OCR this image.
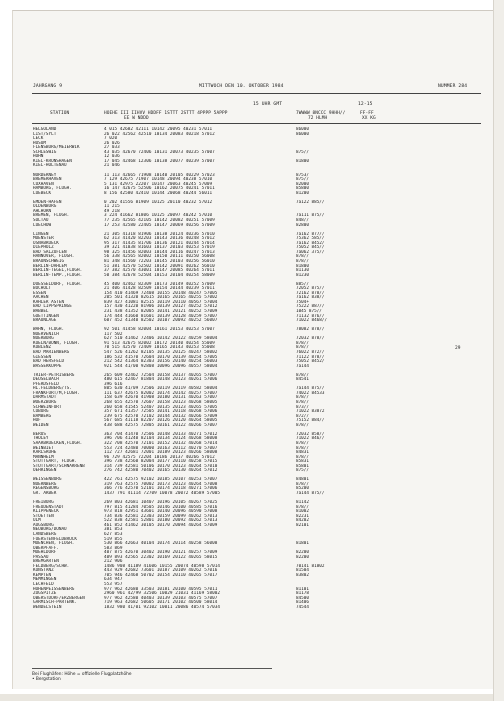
JAHRGANG 9	MITTWOCH DEN 10. OKTOBER 1984	NUMMER 284
15 UHR GMT	12-15
STATION	HOEHE III IIHVV HDDFF 1STTT 2STTT 4PPPP 5APPP
EE W NDDD
7WWWW 8NCCC 9HHH//
72 HLMH
FF-FF
XX KG
HELGOLAND	4 015 42682 42111 10142 20095 40231 57011	86000
LIST/SYLT	26 022 42562 42510 10134 20083 40218 57012	86000
LECK	7 020
HUSUM	26 026
FLENSBURG/MEIERWIK	27 033
SCHLESWIG	43 035 42670 72406 10131 20073 40235 57007	875//
HOHN	12 036
KIEL-KRONSHAGEN	17 045 42468 12306 10138 20077 40239 57007	81800
KIEL-HOLTENAU	21 046
NORDERNEY	11 113 42665 71908 10140 20105 40229 57023	8753/
BREMERHAVEN	7 129 42675 71907 10148 20094 40238 57010	875//
CUXHAVEN	5 131 42975 22207 10147 20063 40245 57009	82000
HAMBURG, FLUGH.	16 147 42675 52506 10162 20075 40241 57011	85800
LUEBECK	8 156 42580 42410 10144 20068 40244 56011	81200
EMDEN-HAFEN	0 202 41556 81909 10125 20110 40232 57012	7a122 885//
OLDENBURG	11 215
AHLHORN	49 218
BREMEN, FLUGH.	3 224 41662 81806 10125 20097 40242 57010	7a111 875//
SOLTAU	77 235 42565 42105 10142 20082 40251 57009	848//
LUECHOW	17 253 42580 22405 10147 20069 40256 57009	82800
LINGEN	21 305 41318 81906 10138 20124 40236 57010	7a162 877//
MUENSTER	62 313 41420 82203 10143 20136 40248 57012	75362 585//
OSNABRUECK	95 317 41435 81706 10136 20121 40244 57014	7a162 8452/
DIEPHOLZ	39 321 41038 81603 10137 20103 40253 57019	75052 845//
BAD SALZUFLEN	98 325 41456 82003 10144 20116 40247 57013	7a062 375//
HANNOVER, FLUGH.	56 338 42565 82002 10150 20111 40250 56008	878//
BRAUNSCHWEIG	81 348 41560 72203 10145 20103 40256 56010	878//
BERLIN-DAHLEM	51 381 42570 52502 10142 20091 40262 56010	81800
BERLIN-TEGEL,FLUGH.	37 382 42570 43001 10147 20085 40264 57011	81130
BERLIN-TEMP.,FLUGH.	50 384 42678 52504 10153 20104 40254 58009	81230
DUESSELDORF, FLUGH.	45 400 42462 82309 10173 20149 40252 57009	885//
BOCHOLT	21 406 41428 82509 10154 20144 40239 57011	72052 875//
ESSEN	154 410 41469 72408 10155 20148 40247 57005	72162 878//
AACHEN	205 501 41320 82615 10165 20165 40255 57002	7a162 838//
KAHLER ASTEN	839 427 41081 82515 10119 20110 40567 57004	7504+
BAD LIPPSPRINGE	157 430 41220 81906 10139 20127 40252 57012	75222 887//
WABBEL	231 438 41352 82005 10141 20121 40252 57009	1045 875//
GOETTINGEN	174 444 41660 81601 10139 20128 40259 57007	71132 876//
BRAUNLAGE	607 452 41340 82502 10107 20092 40252 56007	71022 8468//
WAHN, FLUGH.	92 501 41458 82004 10161 20153 40253 57007	78082 878//
NOERVENICH	117 502
NUERBURG	627 510 41462 72406 10142 20122 40259 58004	72032 878//
KOELN/BONN, FLUGH.	91 513 42675 82002 10172 20140 40254 55009	878//
KOBLENZ	70 515 42570 72409 10165 20143 40253 55008	878//
BAD MARIENBERG	547 526 41262 82105 10135 20125 40247 58002	76022 872//
GIESSEN	186 532 41570 72604 10170 20139 40254 57005	71122 878//
BAD HERSFELD	212 542 41364 82303 10156 20140 40254 56003	75052 8452/
WASSERKUPPE	921 544 41/00 92808 10096 20096 40557 58004	7a144
TRIER-PETRISBERG	265 609 42462 72504 10158 20137 40265 57007	878//
DEUSELBACH	480 615 42467 81804 10148 20123 40261 57006	84541
PFERDSFELD	396 616
HL.FELDBERG/TS.	805 630 41/09 72506 10119 20119 40582 58004	7a144 875//
FRANKFURT/M,FLUGH.	111 637 42675 82002 10174 20142 40257 57007	74022 84533
DARMSTADT	158 639 42670 41908 10180 20131 40263 57007	878//
WUERZBURG	268 655 42570 72607 10158 20123 40268 58005	878//
SCHWEINFURT	260 658 41545 52407 10135 20123 40265 57005	873//
COBURG	357 671 41357 72505 10141 20118 40268 57006	71022 83872
BAMBERG	239 675 42570 72102 10144 20132 40266 57009	872//
HOF	567 685 41118 82207 10126 20120 40264 58005	75152 884//
WEIDEN	438 688 42575 72805 10161 20122 40266 57007	878//
BERUS	363 704 41470 72506 10148 20133 40271 57012	72032 858//
THOLEY	396 706 41240 82104 10134 20124 40268 58008	71022 846//
SAARBRUECKEN,FLUGH.	322 708 42570 72101 10152 20132 40268 57014	878//
WEINBIET	553 724 42480 70000 10163 20112 40270 57007	878//
KARLSRUHE	112 727 42681 72001 10189 20123 40266 58008	84831
MANNHEIM	96 729 42575 72204 10186 20137 40266 57012	878//
STUTTGART, FLUGH.	396 738 42560 82004 10177 20110 40258 57015	85831
STUTTGART/SCHNARRENB	314 739 42581 50106 10170 20123 40264 57010	85801
OEHRINGEN	276 742 42580 70402 10165 20130 40264 57012	875//
WEISSENBURG	422 761 42575 92102 10185 20107 40253 57007	84801
NUERNBERG	319 763 42575 70002 10173 20123 40264 57008	878//
REGENSBURG	366 776 42570 52101 10174 20118 40271 57006	85200
GR. ARBER	1437 791 41114 72709 10078 20072 40589 57005	7a144 875//
FREIBURG	269 803 42681 10407 10196 20105 40267 57025	81142
FREUDENSTADT	797 815 41284 70505 10146 20100 40585 57016	878//
KLIPPENECK	973 818 42951 43601 10140 20096 40590 57008	81002
STOETTEN	734 836 42581 22303 10159 20099 40262 57013	82231
ULM	522 838 42581 52801 10180 20092 40262 57013	84202
AUGSBURG	461 852 41462 30105 10170 20094 40264 57009	82101
NEUBURG/DONAU	381 853
LANDSBERG	627 853
FUERSTENFELDBRUCK	519 855
MUENCHEN, FLUGH.	530 866 42663 40104 10174 20114 40258 56008	81801
OBERPFAFF.	583 869
MUEHLDORF	407 875 42670 30402 10190 20121 40257 57009	82200
PASSAU	409 893 42565 22302 10169 20122 40265 58015	82200
BREMGARTEN	212 906
FELDBERG/SCHW.	1486 908 41189 41606 10155 20074 40598 57014	70141 81802
KONSTANZ	443 929 42682 73601 10187 20109 40262 57016	81504
KEMPTEN	705 946 42468 50702 10154 20110 40265 57017	83802
MEMMINGEN	634 947
LECHFELD	553 957
HOHENPEISSENBERG	977 962 42680 33503 10181 20100 40595 57011	81101
ZUGSPITZE	2960 961 42/99 32506 10029 21031 41169 58002	81178
OBERSTDORF/ERZBERGEN	977 962 42580 40403 10139 20103 40575 57007	84500
GARMISCH-PARTENK.	719 963 42682 50605 10171 20102 40500 58014	81406
WENDELSTEIN	1832 980 41/01 92102 10011 20086 40574 57034	74544
29
Bei Flughäfen: Höhe = offizielle Flugplatzhöhe
• Bergstation
